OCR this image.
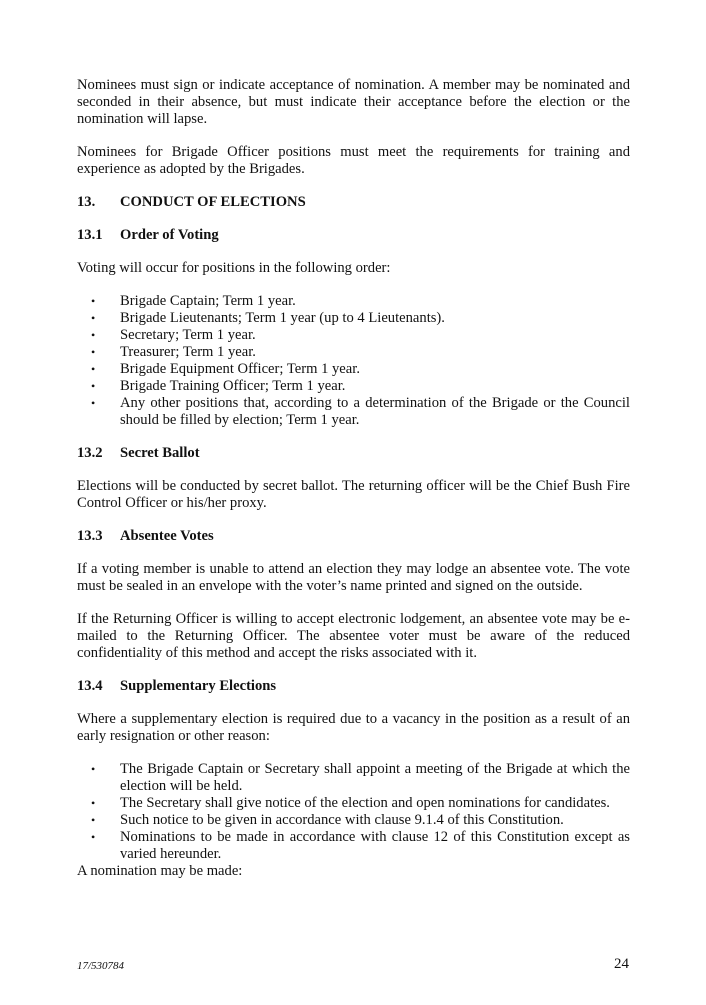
Nominees must sign or indicate acceptance of nomination. A member may be nominated and seconded in their absence, but must indicate their acceptance before the election or the nomination will lapse.

Nominees for Brigade Officer positions must meet the requirements for training and experience as adopted by the Brigades.

13.	CONDUCT OF ELECTIONS
13.1	Order of Voting

Voting will occur for positions in the following order:

•	Brigade Captain; Term 1 year.
•	Brigade Lieutenants; Term 1 year (up to 4 Lieutenants).
•	Secretary; Term 1 year.
•	Treasurer; Term 1 year.
•	Brigade Equipment Officer; Term 1 year.
•	Brigade Training Officer; Term 1 year.
•	Any other positions that, according to a determination of the Brigade or the Council should be filled by election; Term 1 year.
13.2	Secret Ballot

Elections will be conducted by secret ballot. The returning officer will be the Chief Bush Fire Control Officer or his/her proxy.

13.3	Absentee Votes

If a voting member is unable to attend an election they may lodge an absentee vote. The vote must be sealed in an envelope with the voter’s name printed and signed on the outside.

If the Returning Officer is willing to accept electronic lodgement, an absentee vote may be e-mailed to the Returning Officer. The absentee voter must be aware of the reduced confidentiality of this method and accept the risks associated with it.

13.4	Supplementary Elections

Where a supplementary election is required due to a vacancy in the position as a result of an early resignation or other reason:

•	The Brigade Captain or Secretary shall appoint a meeting of the Brigade at which the election will be held.
•	The Secretary shall give notice of the election and open nominations for candidates.
•	Such notice to be given in accordance with clause 9.1.4 of this Constitution.
•	Nominations to be made in accordance with clause 12 of this Constitution except as varied hereunder.

A nomination may be made:

17/530784	24
